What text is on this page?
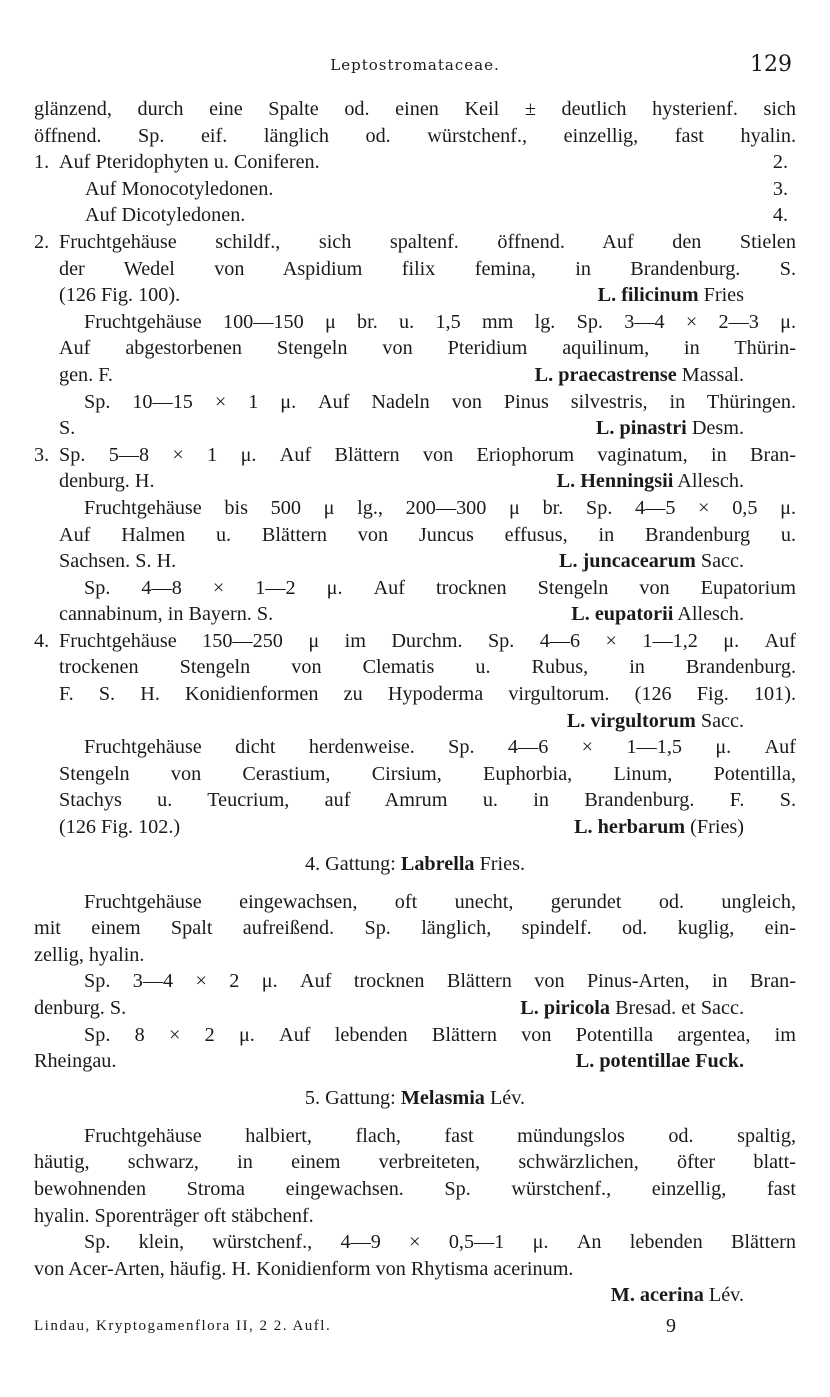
Leptostromataceae.	129
glänzend, durch eine Spalte od. einen Keil ± deutlich hysterienf. sich
öffnend. Sp. eif. länglich od. würstchenf., einzellig, fast hyalin.
1. Auf Pteridophyten u. Coniferen.	2.
Auf Monocotyledonen.	3.
Auf Dicotyledonen.	4.
2. Fruchtgehäuse schildf., sich spaltenf. öffnend. Auf den Stielen
der Wedel von Aspidium filix femina, in Brandenburg. S.
(126 Fig. 100).	L. filicinum Fries
Fruchtgehäuse 100—150 μ br. u. 1,5 mm lg. Sp. 3—4 × 2—3 μ.
Auf abgestorbenen Stengeln von Pteridium aquilinum, in Thürin-
gen. F.	L. praecastrense Massal.
Sp. 10—15 × 1 μ. Auf Nadeln von Pinus silvestris, in Thüringen.
S.	L. pinastri Desm.
3. Sp. 5—8 × 1 μ. Auf Blättern von Eriophorum vaginatum, in Bran-
denburg. H.	L. Henningsii Allesch.
Fruchtgehäuse bis 500 μ lg., 200—300 μ br. Sp. 4—5 × 0,5 μ.
Auf Halmen u. Blättern von Juncus effusus, in Brandenburg u.
Sachsen. S. H.	L. juncacearum Sacc.
Sp. 4—8 × 1—2 μ. Auf trocknen Stengeln von Eupatorium
cannabinum, in Bayern. S.	L. eupatorii Allesch.
4. Fruchtgehäuse 150—250 μ im Durchm. Sp. 4—6 × 1—1,2 μ. Auf
trockenen Stengeln von Clematis u. Rubus, in Brandenburg.
F. S. H. Konidienformen zu Hypoderma virgultorum. (126 Fig. 101).
L. virgultorum Sacc.
Fruchtgehäuse dicht herdenweise. Sp. 4—6 × 1—1,5 μ. Auf
Stengeln von Cerastium, Cirsium, Euphorbia, Linum, Potentilla,
Stachys u. Teucrium, auf Amrum u. in Brandenburg. F. S.
(126 Fig. 102.)	L. herbarum (Fries)
4. Gattung: Labrella Fries.
Fruchtgehäuse eingewachsen, oft unecht, gerundet od. ungleich,
mit einem Spalt aufreißend. Sp. länglich, spindelf. od. kuglig, ein-
zellig, hyalin.
Sp. 3—4 × 2 μ. Auf trocknen Blättern von Pinus-Arten, in Bran-
denburg. S.	L. piricola Bresad. et Sacc.
Sp. 8 × 2 μ. Auf lebenden Blättern von Potentilla argentea, im
Rheingau.	L. potentillae Fuck.
5. Gattung: Melasmia Lév.
Fruchtgehäuse halbiert, flach, fast mündungslos od. spaltig,
häutig, schwarz, in einem verbreiteten, schwärzlichen, öfter blatt-
bewohnenden Stroma eingewachsen. Sp. würstchenf., einzellig, fast
hyalin. Sporenträger oft stäbchenf.
Sp. klein, würstchenf., 4—9 × 0,5—1 μ. An lebenden Blättern
von Acer-Arten, häufig. H. Konidienform von Rhytisma acerinum.
M. acerina Lév.
Lindau, Kryptogamenflora II, 2 2. Aufl.	9
